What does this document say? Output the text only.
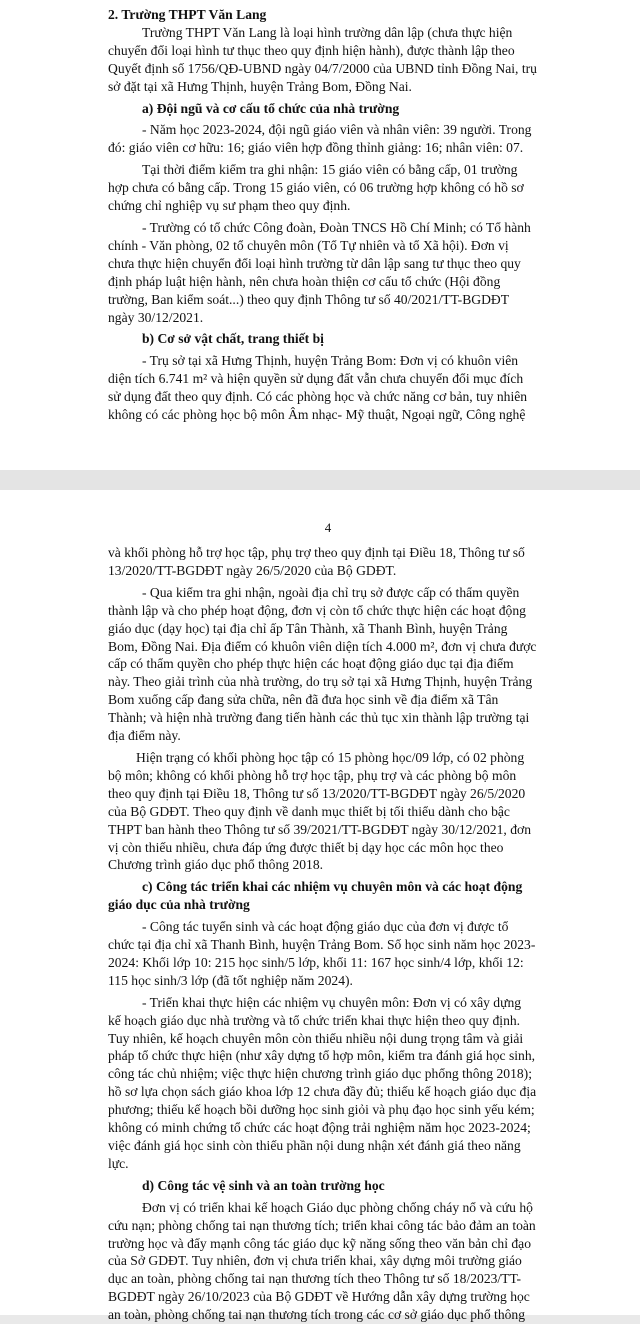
2. Trường THPT Văn Lang
Trường THPT Văn Lang là loại hình trường dân lập (chưa thực hiện
chuyển đổi loại hình tư thục theo quy định hiện hành), được thành lập theo
Quyết định số 1756/QĐ-UBND ngày 04/7/2000 của UBND tỉnh Đồng Nai, trụ
sở đặt tại xã Hưng Thịnh, huyện Trảng Bom, Đồng Nai.
a) Đội ngũ và cơ cấu tổ chức của nhà trường
- Năm học 2023-2024, đội ngũ giáo viên và nhân viên: 39 người. Trong
đó: giáo viên cơ hữu: 16; giáo viên hợp đồng thỉnh giảng: 16; nhân viên: 07.
Tại thời điểm kiểm tra ghi nhận: 15 giáo viên có bằng cấp, 01 trường
hợp chưa có bằng cấp. Trong 15 giáo viên, có 06 trường hợp không có hồ sơ
chứng chỉ nghiệp vụ sư phạm theo quy định.
- Trường có tổ chức Công đoàn, Đoàn TNCS Hồ Chí Minh; có Tổ hành
chính - Văn phòng, 02 tổ chuyên môn (Tổ Tự nhiên và tổ Xã hội). Đơn vị
chưa thực hiện chuyển đổi loại hình trường từ dân lập sang tư thục theo quy
định pháp luật hiện hành, nên chưa hoàn thiện cơ cấu tổ chức (Hội đồng
trường, Ban kiểm soát...) theo quy định Thông tư số 40/2021/TT-BGDĐT
ngày 30/12/2021.
b) Cơ sở vật chất, trang thiết bị
- Trụ sở tại xã Hưng Thịnh, huyện Trảng Bom: Đơn vị có khuôn viên
diện tích 6.741 m² và hiện quyền sử dụng đất vẫn chưa chuyển đổi mục đích
sử dụng đất theo quy định. Có các phòng học và chức năng cơ bản, tuy nhiên
không có các phòng học bộ môn Âm nhạc- Mỹ thuật, Ngoại ngữ, Công nghệ
4
và khối phòng hỗ trợ học tập, phụ trợ theo quy định tại Điều 18, Thông tư số
13/2020/TT-BGDĐT ngày 26/5/2020 của Bộ GDĐT.
- Qua kiểm tra ghi nhận, ngoài địa chỉ trụ sở được cấp có thẩm quyền
thành lập và cho phép hoạt động, đơn vị còn tổ chức thực hiện các hoạt động
giáo dục (dạy học) tại địa chỉ ấp Tân Thành, xã Thanh Bình, huyện Trảng
Bom, Đồng Nai. Địa điểm có khuôn viên diện tích 4.000 m², đơn vị chưa được
cấp có thẩm quyền cho phép thực hiện các hoạt động giáo dục tại địa điểm
này. Theo giải trình của nhà trường, do trụ sở tại xã Hưng Thịnh, huyện Trảng
Bom xuống cấp đang sửa chữa, nên đã đưa học sinh về địa điểm xã Tân
Thành; và hiện nhà trường đang tiến hành các thủ tục xin thành lập trường tại
địa điểm này.
Hiện trạng có khối phòng học tập có 15 phòng học/09 lớp, có 02 phòng
bộ môn; không có khối phòng hỗ trợ học tập, phụ trợ và các phòng bộ môn
theo quy định tại Điều 18, Thông tư số 13/2020/TT-BGDĐT ngày 26/5/2020
của Bộ GDĐT. Theo quy định về danh mục thiết bị tối thiểu dành cho bậc
THPT ban hành theo Thông tư số 39/2021/TT-BGDĐT ngày 30/12/2021, đơn
vị còn thiếu nhiều, chưa đáp ứng được thiết bị dạy học các môn học theo
Chương trình giáo dục phổ thông 2018.
c) Công tác triển khai các nhiệm vụ chuyên môn và các hoạt động
giáo dục của nhà trường
- Công tác tuyển sinh và các hoạt động giáo dục của đơn vị được tổ
chức tại địa chỉ xã Thanh Bình, huyện Trảng Bom. Số học sinh năm học 2023-
2024: Khối lớp 10: 215 học sinh/5 lớp, khối 11: 167 học sinh/4 lớp, khối 12:
115 học sinh/3 lớp (đã tốt nghiệp năm 2024).
- Triển khai thực hiện các nhiệm vụ chuyên môn: Đơn vị có xây dựng
kế hoạch giáo dục nhà trường và tổ chức triển khai thực hiện theo quy định.
Tuy nhiên, kế hoạch chuyên môn còn thiếu nhiều nội dung trọng tâm và giải
pháp tổ chức thực hiện (như xây dựng tổ hợp môn, kiểm tra đánh giá học sinh,
công tác chủ nhiệm; việc thực hiện chương trình giáo dục phổng thông 2018);
hồ sơ lựa chọn sách giáo khoa lớp 12 chưa đầy đủ; thiếu kế hoạch giáo dục địa
phương; thiếu kế hoạch bồi dưỡng học sinh giỏi và phụ đạo học sinh yếu kém;
không có minh chứng tổ chức các hoạt động trải nghiệm năm học 2023-2024;
việc đánh giá học sinh còn thiếu phần nội dung nhận xét đánh giá theo năng
lực.
d) Công tác vệ sinh và an toàn trường học
Đơn vị có triển khai kế hoạch Giáo dục phòng chống cháy nổ và cứu hộ
cứu nạn; phòng chống tai nạn thương tích; triển khai công tác bảo đảm an toàn
trường học và đẩy mạnh công tác giáo dục kỹ năng sống theo văn bản chỉ đạo
của Sở GDĐT. Tuy nhiên, đơn vị chưa triển khai, xây dựng môi trường giáo
dục an toàn, phòng chống tai nạn thương tích theo Thông tư số 18/2023/TT-
BGDĐT ngày 26/10/2023 của Bộ GDĐT về Hướng dẫn xây dựng trường học
an toàn, phòng chống tai nạn thương tích trong các cơ sở giáo dục phổ thông
